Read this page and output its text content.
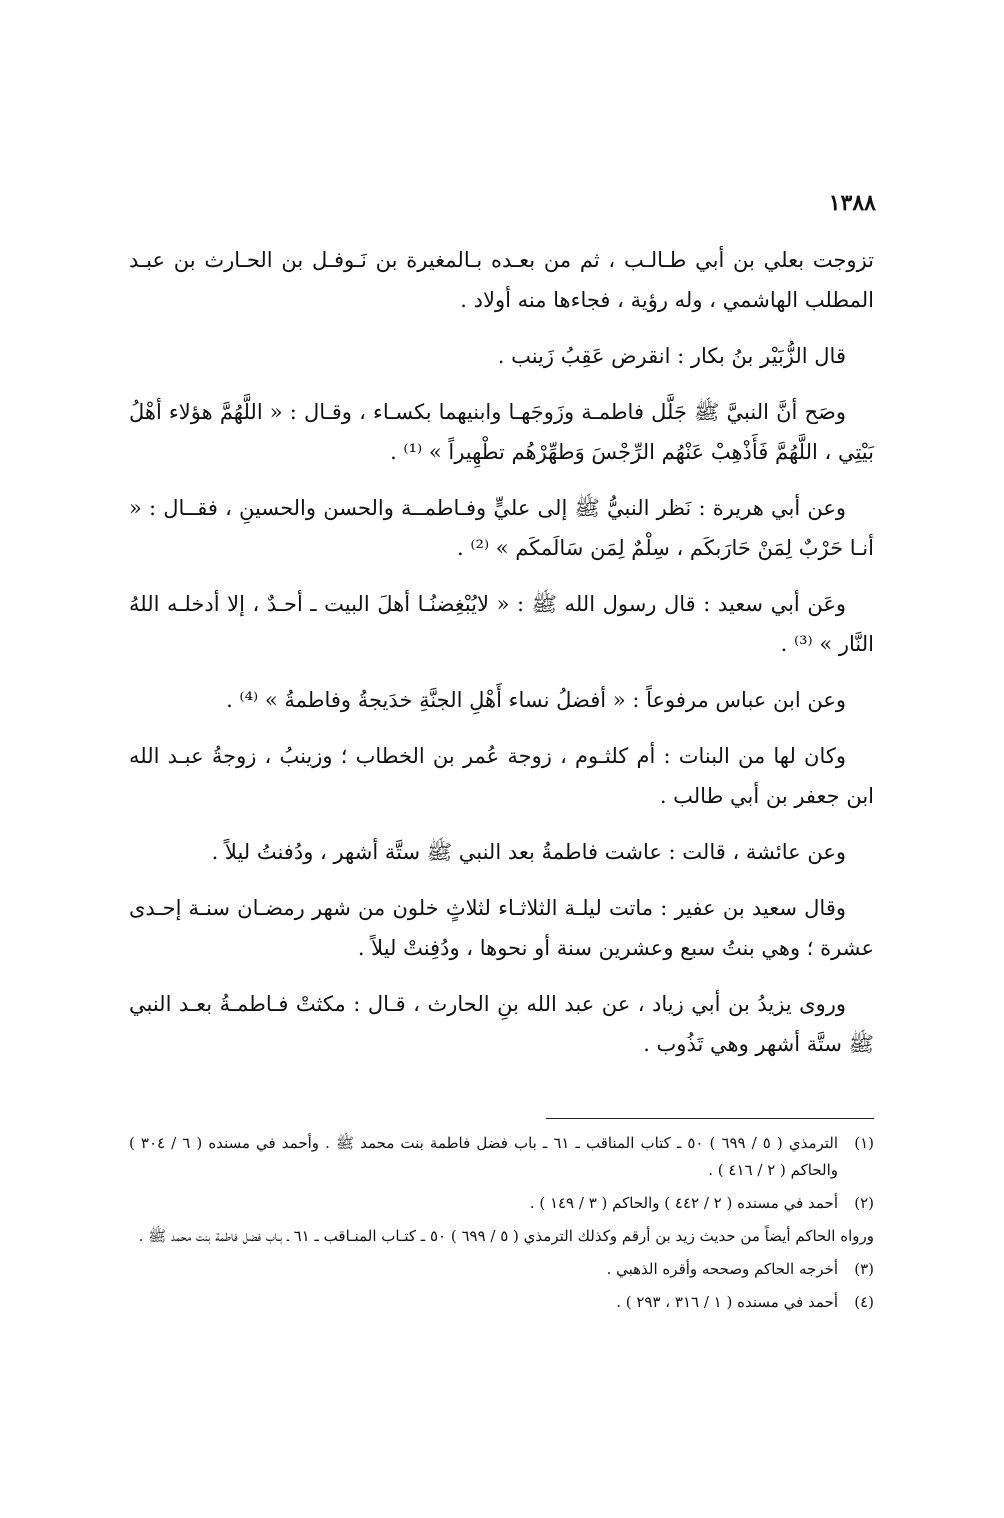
١٣٨٨

تزوجت بعلي بن أبي طـالـب ، ثم من بعـده بـالمغيرة بن نَـوفـل بن الحـارث بن عبـد المطلب الهاشمي ، وله رؤية ، فجاءها منه أولاد .

قال الزُّبَيْر بنُ بكار : انقرض عَقِبُ زَينب .

وصَح أنَّ النبيَّ ﷺ جَلَّل فاطمـة وزَوجَهـا وابنيهما بكسـاء ، وقـال : « اللَّهُمَّ هؤلاء أهْلُ بَيْتِي ، اللَّهُمَّ فَأَذْهِبْ عَنْهُم الرِّجْسَ وَطهِّرْهُم تطْهِيراً » ⁽¹⁾ .

وعن أبي هريرة : نَظر النبيُّ ﷺ إلى عليٍّ وفـاطمــة والحسن والحسينِ ، فقــال : « أنـا حَرْبٌ لِمَنْ حَارَبكَم ، سِلْمٌ لِمَن سَالَمكَم » ⁽²⁾ .

وعَن أبي سعيد : قال رسول الله ﷺ : « لايُبْغِضنُـا أهلَ البيت ـ أحـدٌ ، إلا أدخلـه اللهُ النَّار » ⁽³⁾ .

وعن ابن عباس مرفوعاً : « أفضلُ نساء أَهْلِ الجنَّةِ خدَيجةُ وفاطمةُ » ⁽⁴⁾ .

وكان لها من البنات : أم كلثـوم ، زوجة عُمر بن الخطاب ؛ وزينبُ ، زوجةُ عبـد الله ابن جعفر بن أبي طالب .

وعن عائشة ، قالت : عاشت فاطمةُ بعد النبي ﷺ ستَّة أشهر ، ودُفنتُ ليلاً .

وقال سعيد بن عفير : ماتت ليلـة الثلاثـاء لثلاثٍ خلون من شهر رمضـان سنـة إحـدى عشرة ؛ وهي بنتُ سبع وعشرين سنة أو نحوها ، ودُفِنتْ ليلاً .

وروى يزيدُ بن أبي زياد ، عن عبد الله بنِ الحارث ، قـال : مكثتْ فـاطمـةُ بعـد النبي ﷺ ستَّة أشهر وهي تَذُوب .

(١)
الترمذي ( ٥ / ٦٩٩ ) ٥٠ ـ كتاب المناقب ـ ٦١ ـ باب فضل فاطمة بنت محمد ﷺ . وأحمد في مسنده ( ٦ / ٣٠٤ ) والحاكم ( ٢ / ٤١٦ ) .
(٢)
أحمد في مسنده ( ٢ / ٤٤٢ ) والحاكم ( ٣ / ١٤٩ ) .
ورواه الحاكم أيضاً من حديث زيد بن أرقم وكذلك الترمذي ( ٥ / ٦٩٩ ) ٥٠ ـ كتـاب المنـاقب ـ ٦١ ـ بـاب فضل فاطمة بنت محمد ﷺ .
(٣)
أخرجه الحاكم وصححه وأقره الذهبي .
(٤)
أحمد في مسنده ( ١ / ٣١٦ ، ٢٩٣ ) .
